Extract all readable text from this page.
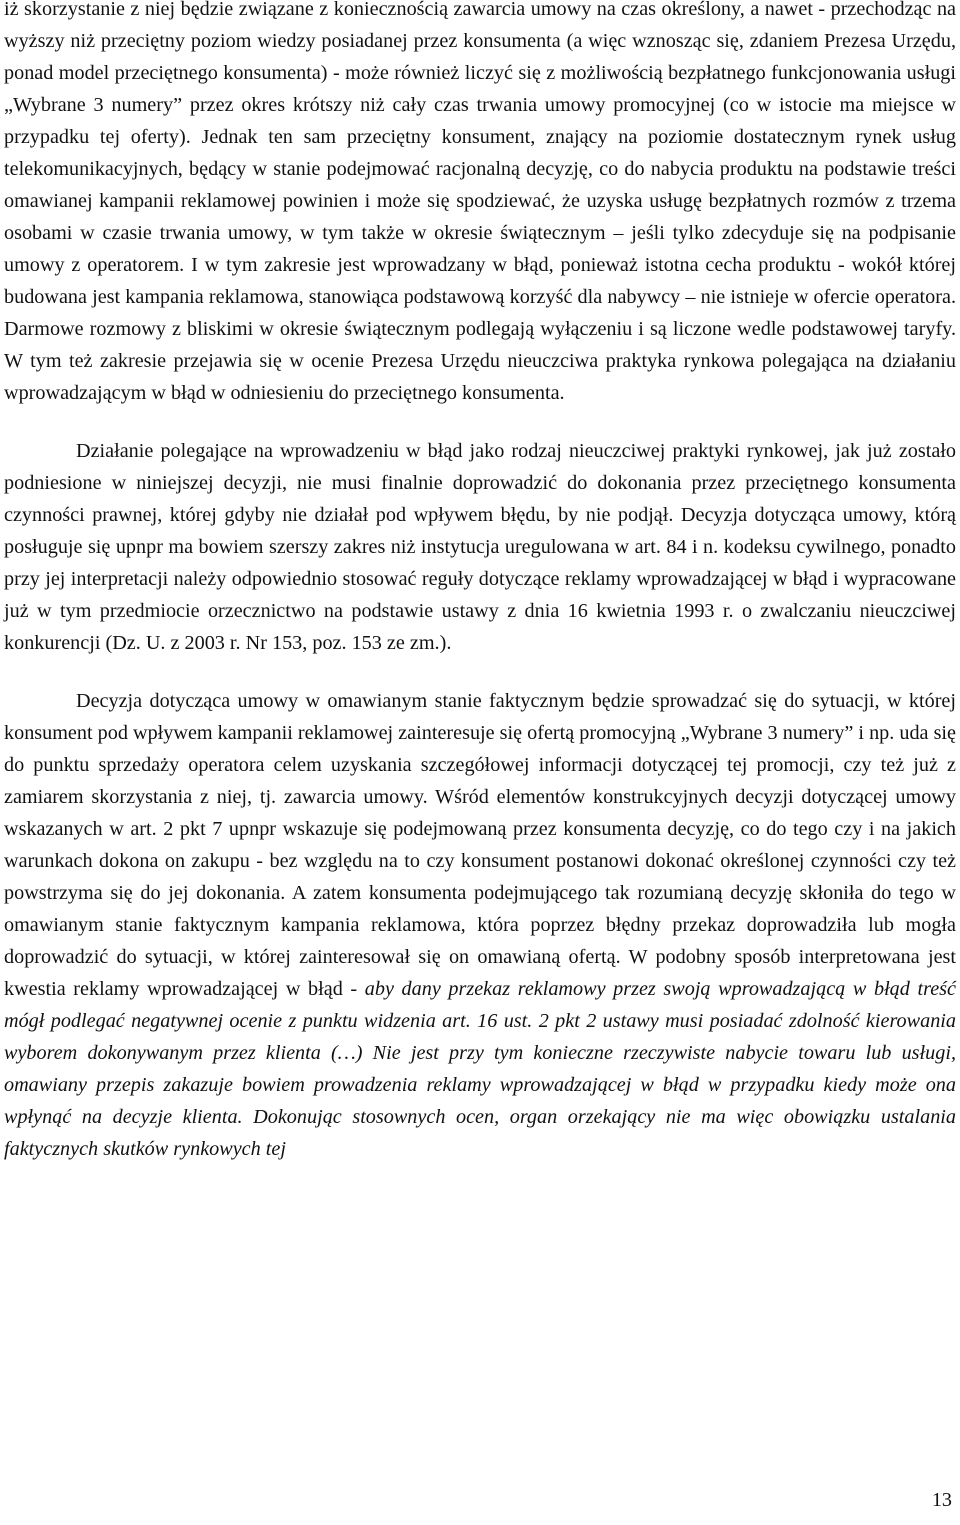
iż skorzystanie z niej będzie związane z koniecznością zawarcia umowy na czas określony, a nawet - przechodząc na wyższy niż przeciętny poziom wiedzy posiadanej przez konsumenta (a więc wznosząc się, zdaniem Prezesa Urzędu, ponad model przeciętnego konsumenta) - może również liczyć się z możliwością bezpłatnego funkcjonowania usługi „Wybrane 3 numery” przez okres krótszy niż cały czas trwania umowy promocyjnej (co w istocie ma miejsce w przypadku tej oferty). Jednak ten sam przeciętny konsument, znający na poziomie dostatecznym rynek usług telekomunikacyjnych, będący w stanie podejmować racjonalną decyzję, co do nabycia produktu na podstawie treści omawianej kampanii reklamowej powinien i może się spodziewać, że uzyska usługę bezpłatnych rozmów z trzema osobami w czasie trwania umowy, w tym także w okresie świątecznym – jeśli tylko zdecyduje się na podpisanie umowy z operatorem. I w tym zakresie jest wprowadzany w błąd, ponieważ istotna cecha produktu - wokół której budowana jest kampania reklamowa, stanowiąca podstawową korzyść dla nabywcy – nie istnieje w ofercie operatora. Darmowe rozmowy z bliskimi w okresie świątecznym podlegają wyłączeniu i są liczone wedle podstawowej taryfy. W tym też zakresie przejawia się w ocenie Prezesa Urzędu nieuczciwa praktyka rynkowa polegająca na działaniu wprowadzającym w błąd w odniesieniu do przeciętnego konsumenta.

Działanie polegające na wprowadzeniu w błąd jako rodzaj nieuczciwej praktyki rynkowej, jak już zostało podniesione w niniejszej decyzji, nie musi finalnie doprowadzić do dokonania przez przeciętnego konsumenta czynności prawnej, której gdyby nie działał pod wpływem błędu, by nie podjął. Decyzja dotycząca umowy, którą posługuje się upnpr ma bowiem szerszy zakres niż instytucja uregulowana w art. 84 i n. kodeksu cywilnego, ponadto przy jej interpretacji należy odpowiednio stosować reguły dotyczące reklamy wprowadzającej w błąd i wypracowane już w tym przedmiocie orzecznictwo na podstawie ustawy z dnia 16 kwietnia 1993 r. o zwalczaniu nieuczciwej konkurencji (Dz. U. z 2003 r. Nr 153, poz. 153 ze zm.).

Decyzja dotycząca umowy w omawianym stanie faktycznym będzie sprowadzać się do sytuacji, w której konsument pod wpływem kampanii reklamowej zainteresuje się ofertą promocyjną „Wybrane 3 numery” i np. uda się do punktu sprzedaży operatora celem uzyskania szczegółowej informacji dotyczącej tej promocji, czy też już z zamiarem skorzystania z niej, tj. zawarcia umowy. Wśród elementów konstrukcyjnych decyzji dotyczącej umowy wskazanych w art. 2 pkt 7 upnpr wskazuje się podejmowaną przez konsumenta decyzję, co do tego czy i na jakich warunkach dokona on zakupu - bez względu na to czy konsument postanowi dokonać określonej czynności czy też powstrzyma się do jej dokonania. A zatem konsumenta podejmującego tak rozumianą decyzję skłoniła do tego w omawianym stanie faktycznym kampania reklamowa, która poprzez błędny przekaz doprowadziła lub mogła doprowadzić do sytuacji, w której zainteresował się on omawianą ofertą. W podobny sposób interpretowana jest kwestia reklamy wprowadzającej w błąd - aby dany przekaz reklamowy przez swoją wprowadzającą w błąd treść mógł podlegać negatywnej ocenie z punktu widzenia art. 16 ust. 2 pkt 2 ustawy musi posiadać zdolność kierowania wyborem dokonywanym przez klienta (…) Nie jest przy tym konieczne rzeczywiste nabycie towaru lub usługi, omawiany przepis zakazuje bowiem prowadzenia reklamy wprowadzającej w błąd w przypadku kiedy może ona wpłynąć na decyzje klienta. Dokonując stosownych ocen, organ orzekający nie ma więc obowiązku ustalania faktycznych skutków rynkowych tej

13
